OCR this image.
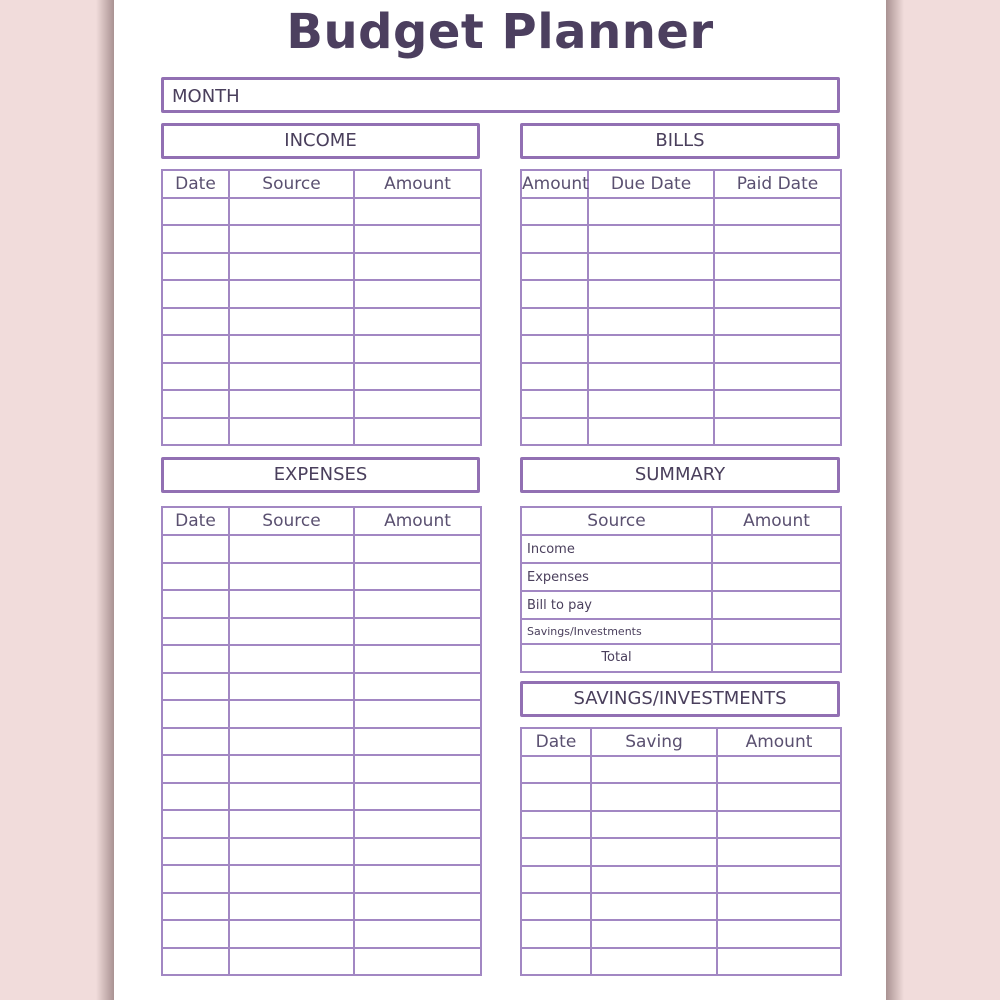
Budget Planner
MONTH
INCOME
Date	Source	Amount

BILLS
Amount	Due Date	Paid Date

EXPENSES
Date	Source	Amount

SUMMARY
Source	Amount
Income	
Expenses	
Bill to pay	
Savings/Investments	
Total	
SAVINGS/INVESTMENTS
Date	Saving	Amount
